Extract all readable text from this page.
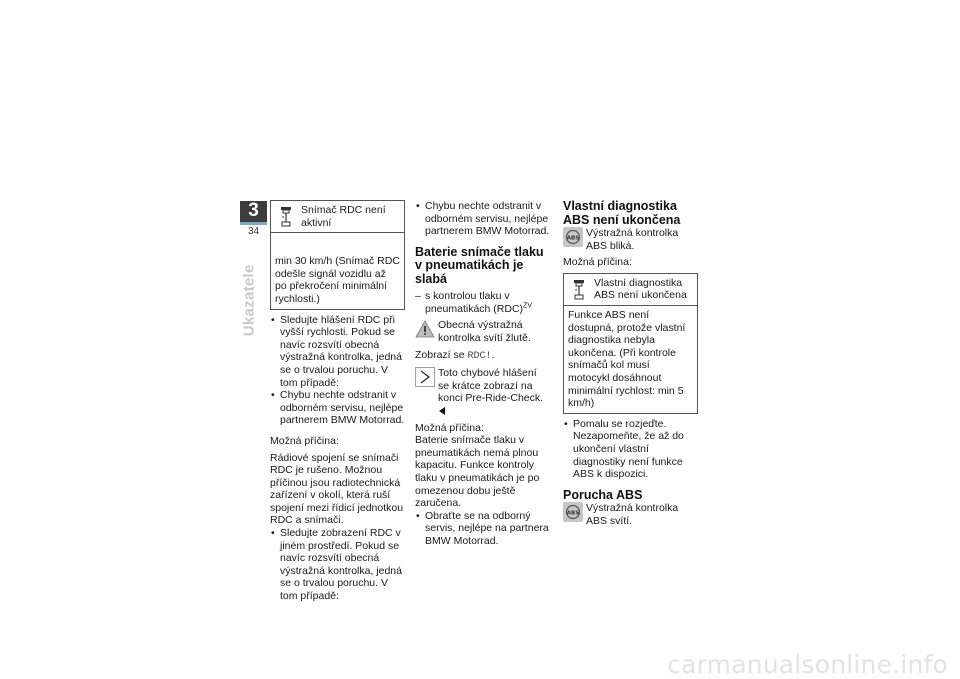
3
34
Ukazatele
Snímač RDC není aktivní
min 30 km/h (Snímač RDC odešle signál vozidlu až po překročení minimální rychlosti.)
• Sledujte hlášení RDC při vyšší rychlosti. Pokud se navíc rozsvítí obecná výstražná kontrolka, jedná se o trvalou poruchu. V tom případě:
• Chybu nechte odstranit v odborném servisu, nejlépe partnerem BMW Motorrad.
Možná příčina:
Rádiové spojení se snímači RDC je rušeno. Možnou příčinou jsou radiotechnická zařízení v okolí, která ruší spojení mezi řídicí jednotkou RDC a snímači.
• Sledujte zobrazení RDC v jiném prostředí. Pokud se navíc rozsvítí obecná výstražná kontrolka, jedná se o trvalou poruchu. V tom případě:
• Chybu nechte odstranit v odborném servisu, nejlépe partnerem BMW Motorrad.
Baterie snímače tlaku v pneumatikách je slabá
– s kontrolou tlaku v pneumatikách (RDC)$^{ZV}$
Obecná výstražná kontrolka svítí žlutě.
Zobrazí se RDC!.
Toto chybové hlášení se krátce zobrazí na konci Pre-Ride-Check.
Možná příčina:
Baterie snímače tlaku v pneumatikách nemá plnou kapacitu. Funkce kontroly tlaku v pneumatikách je po omezenou dobu ještě zaručena.
• Obraťte se na odborný servis, nejlépe na partnera BMW Motorrad.
Vlastní diagnostika ABS není ukončena
ABS Výstražná kontrolka ABS bliká.
Možná příčina:
Vlastní diagnostika ABS není ukončena
Funkce ABS není dostupná, protože vlastní diagnostika nebyla ukončena. (Při kontrole snímačů kol musí motocykl dosáhnout minimální rychlost: min 5 km/h)
• Pomalu se rozjeďte. Nezapomeňte, že až do ukončení vlastní diagnostiky není funkce ABS k dispozici.
Porucha ABS
ABS Výstražná kontrolka ABS svítí.
carmanualsonline.info
